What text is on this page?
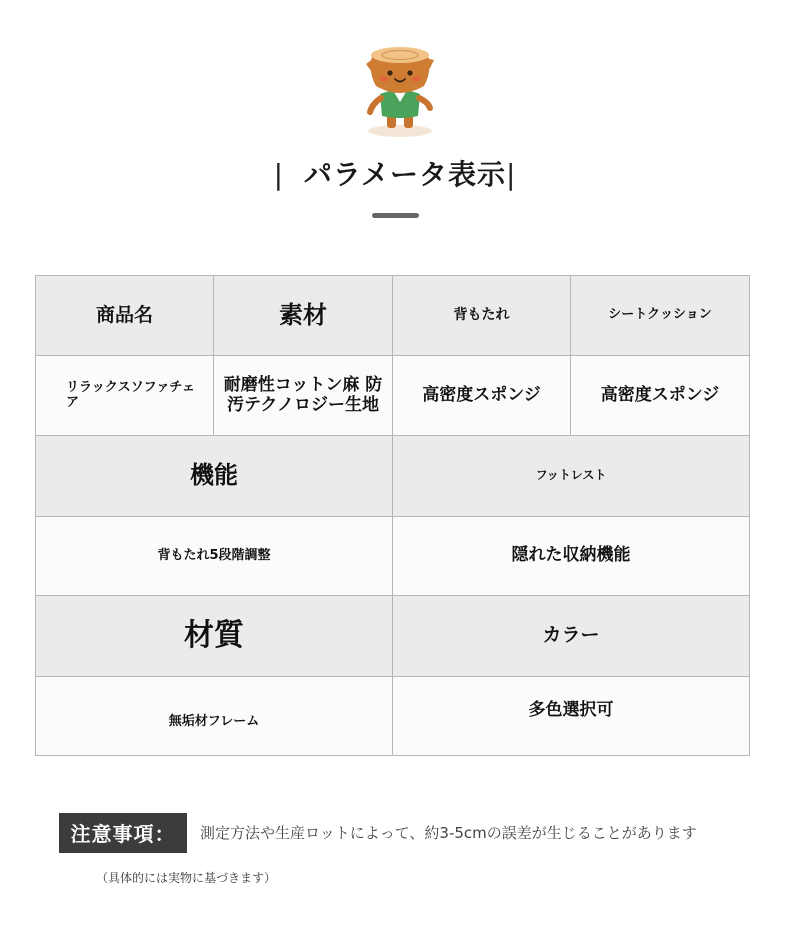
|  パラメータ表示|
商品名	素材	背もたれ	シートクッション
リラックスソファチェア	耐磨性コットン麻 防汚テクノロジー生地	高密度スポンジ	高密度スポンジ
機能		フットレスト	
背もたれ5段階調整		隠れた収納機能	
材質		カラー	
無垢材フレーム		多色選択可	
注意事項：	測定方法や生産ロットによって、約3-5cmの誤差が生じることがあります
（具体的には実物に基づきます）
